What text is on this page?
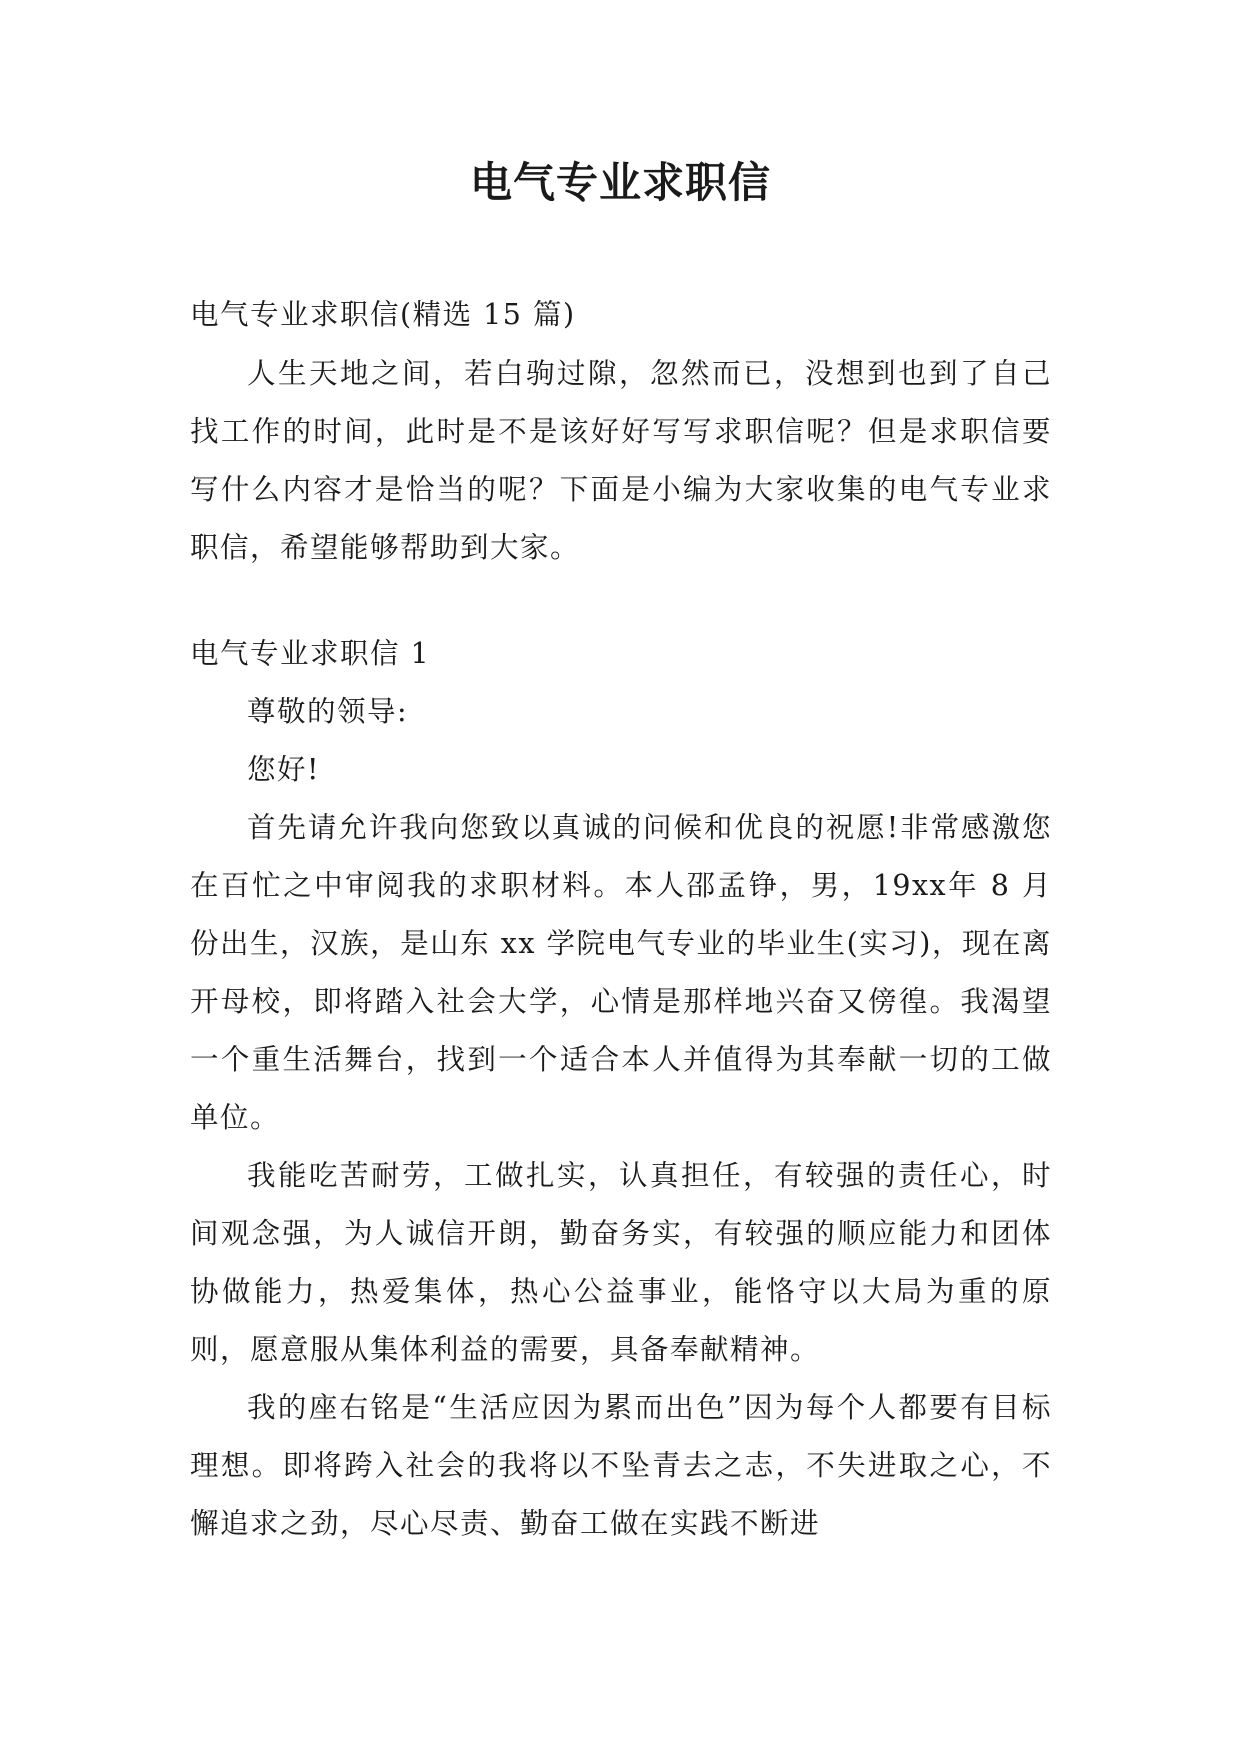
电气专业求职信

电气专业求职信(精选 15 篇)

人生天地之间，若白驹过隙，忽然而已，没想到也到了自己找工作的时间，此时是不是该好好写写求职信呢？但是求职信要写什么内容才是恰当的呢？下面是小编为大家收集的电气专业求职信，希望能够帮助到大家。

电气专业求职信 1

尊敬的领导:

您好!

首先请允许我向您致以真诚的问候和优良的祝愿!非常感激您在百忙之中审阅我的求职材料。本人邵孟铮，男，19xx年 8 月份出生，汉族，是山东 xx 学院电气专业的毕业生(实习)，现在离开母校，即将踏入社会大学，心情是那样地兴奋又傍徨。我渴望一个重生活舞台，找到一个适合本人并值得为其奉献一切的工做单位。

我能吃苦耐劳，工做扎实，认真担任，有较强的责任心，时间观念强，为人诚信开朗，勤奋务实，有较强的顺应能力和团体协做能力，热爱集体，热心公益事业，能恪守以大局为重的原则，愿意服从集体利益的需要，具备奉献精神。

我的座右铭是“生活应因为累而出色”因为每个人都要有目标理想。即将跨入社会的我将以不坠青去之志，不失进取之心，不懈追求之劲，尽心尽责、勤奋工做在实践不断进
